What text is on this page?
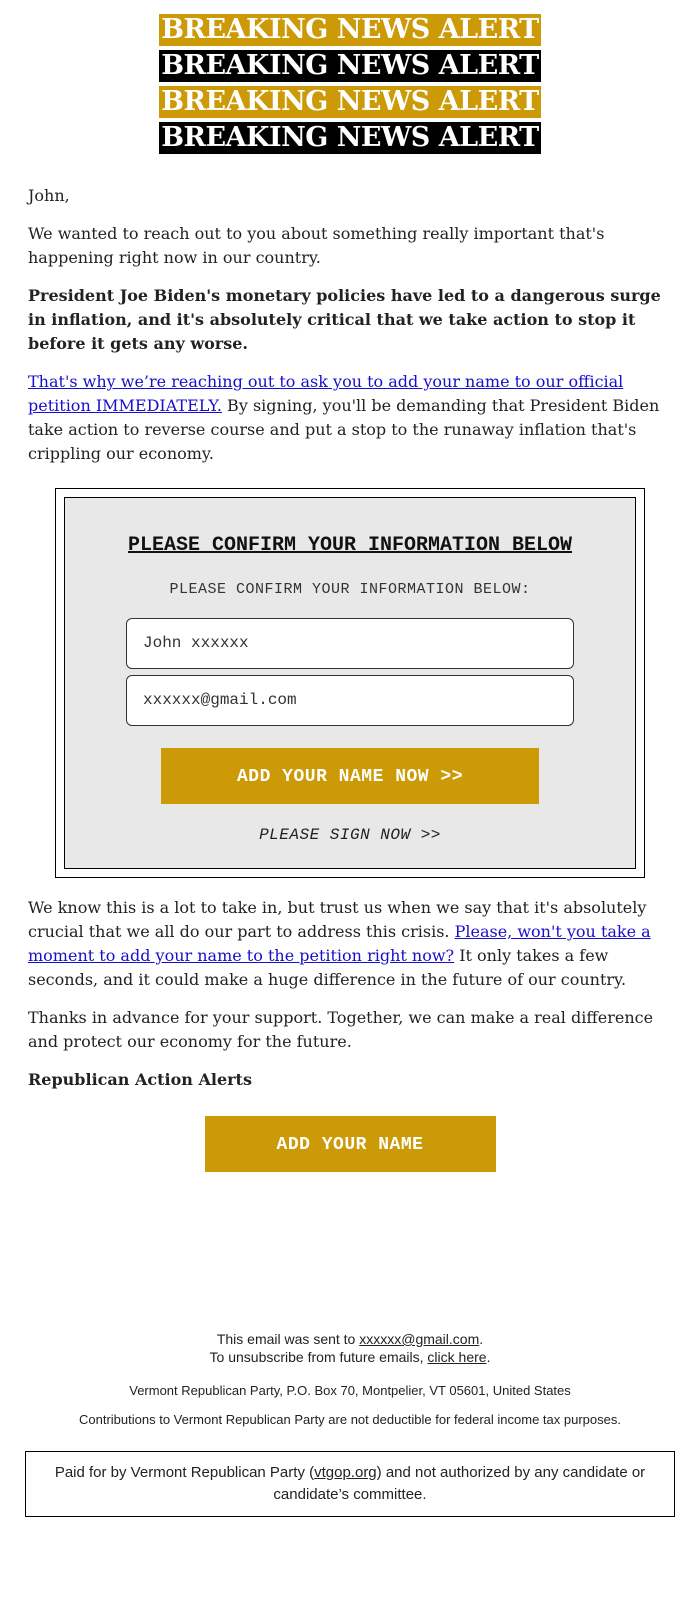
BREAKING NEWS ALERT
BREAKING NEWS ALERT
BREAKING NEWS ALERT
BREAKING NEWS ALERT

John,

We wanted to reach out to you about something really important that's happening right now in our country.

President Joe Biden's monetary policies have led to a dangerous surge in inflation, and it's absolutely critical that we take action to stop it before it gets any worse.

That's why we’re reaching out to ask you to add your name to our official petition IMMEDIATELY. By signing, you'll be demanding that President Biden take action to reverse course and put a stop to the runaway inflation that's crippling our economy.

PLEASE CONFIRM YOUR INFORMATION BELOW
PLEASE CONFIRM YOUR INFORMATION BELOW:
John xxxxxx
xxxxxx@gmail.com
ADD YOUR NAME NOW >>
PLEASE SIGN NOW >>

We know this is a lot to take in, but trust us when we say that it's absolutely crucial that we all do our part to address this crisis. Please, won't you take a moment to add your name to the petition right now? It only takes a few seconds, and it could make a huge difference in the future of our country.

Thanks in advance for your support. Together, we can make a real difference and protect our economy for the future.

Republican Action Alerts

ADD YOUR NAME

This email was sent to xxxxxx@gmail.com.

To unsubscribe from future emails, click here.

Vermont Republican Party, P.O. Box 70, Montpelier, VT 05601, United States

Contributions to Vermont Republican Party are not deductible for federal income tax purposes.

Paid for by Vermont Republican Party (vtgop.org) and not authorized by any candidate or candidate’s committee.
